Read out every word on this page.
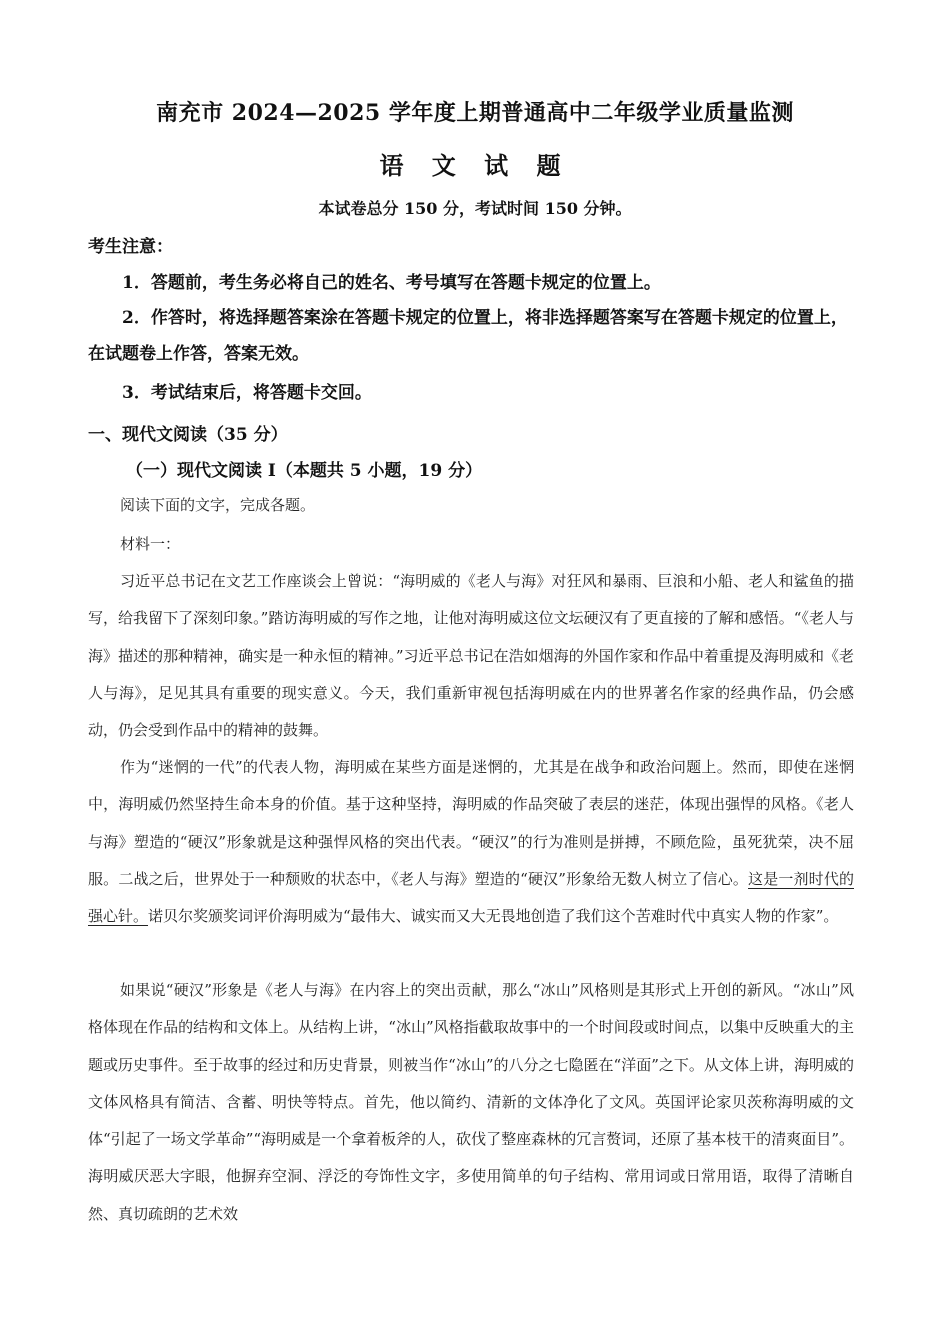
南充市 2024—2025 学年度上期普通高中二年级学业质量监测
语 文 试 题
本试卷总分 150 分，考试时间 150 分钟。
考生注意：
1．答题前，考生务必将自己的姓名、考号填写在答题卡规定的位置上。
2．作答时，将选择题答案涂在答题卡规定的位置上，将非选择题答案写在答题卡规定的位置上，在试题卷上作答，答案无效。
3．考试结束后，将答题卡交回。
一、现代文阅读（35 分）
（一）现代文阅读 I（本题共 5 小题，19 分）
阅读下面的文字，完成各题。
材料一：
习近平总书记在文艺工作座谈会上曾说：“海明威的《老人与海》对狂风和暴雨、巨浪和小船、老人和鲨鱼的描写，给我留下了深刻印象。”踏访海明威的写作之地，让他对海明威这位文坛硬汉有了更直接的了解和感悟。“《老人与海》描述的那种精神，确实是一种永恒的精神。”习近平总书记在浩如烟海的外国作家和作品中着重提及海明威和《老人与海》，足见其具有重要的现实意义。今天，我们重新审视包括海明威在内的世界著名作家的经典作品，仍会感动，仍会受到作品中的精神的鼓舞。
作为“迷惘的一代”的代表人物，海明威在某些方面是迷惘的，尤其是在战争和政治问题上。然而，即使在迷惘中，海明威仍然坚持生命本身的价值。基于这种坚持，海明威的作品突破了表层的迷茫，体现出强悍的风格。《老人与海》塑造的“硬汉”形象就是这种强悍风格的突出代表。“硬汉”的行为准则是拼搏，不顾危险，虽死犹荣，决不屈服。二战之后，世界处于一种颓败的状态中，《老人与海》塑造的“硬汉”形象给无数人树立了信心。这是一剂时代的强心针。诺贝尔奖颁奖词评价海明威为“最伟大、诚实而又大无畏地创造了我们这个苦难时代中真实人物的作家”。
如果说“硬汉”形象是《老人与海》在内容上的突出贡献，那么“冰山”风格则是其形式上开创的新风。“冰山”风格体现在作品的结构和文体上。从结构上讲，“冰山”风格指截取故事中的一个时间段或时间点，以集中反映重大的主题或历史事件。至于故事的经过和历史背景，则被当作“冰山”的八分之七隐匿在“洋面”之下。从文体上讲，海明威的文体风格具有简洁、含蓄、明快等特点。首先，他以简约、清新的文体净化了文风。英国评论家贝茨称海明威的文体“引起了一场文学革命”“海明威是一个拿着板斧的人，砍伐了整座森林的冗言赘词，还原了基本枝干的清爽面目”。海明威厌恶大字眼，他摒弃空洞、浮泛的夸饰性文字，多使用简单的句子结构、常用词或日常用语，取得了清晰自然、真切疏朗的艺术效
